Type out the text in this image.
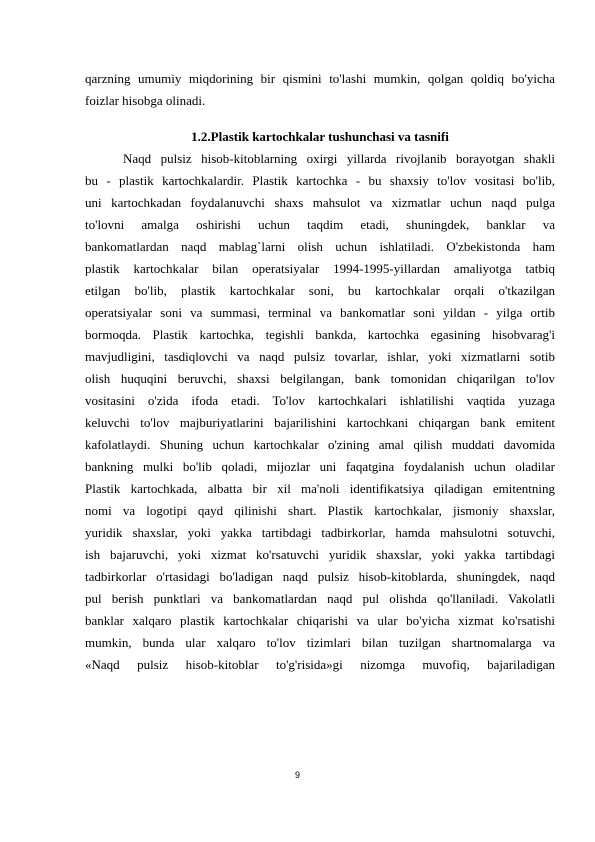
qarzning umumiy miqdorining bir qismini to'lashi mumkin, qolgan qoldiq bo'yicha
foizlar hisobga olinadi.
1.2.Plastik kartochkalar tushunchasi va tasnifi
Naqd pulsiz hisob-kitoblarning oxirgi yillarda rivojlanib borayotgan shakli
bu - plastik kartochkalardir. Plastik kartochka - bu shaxsiy to'lov vositasi bo'lib,
uni kartochkadan foydalanuvchi shaxs mahsulot va xizmatlar uchun naqd pulga
to'lovni amalga oshirishi uchun taqdim etadi, shuningdek, banklar va
bankomatlardan naqd mablag`larni olish uchun ishlatiladi. O'zbekistonda ham
plastik kartochkalar bilan operatsiyalar 1994-1995-yillardan amaliyotga tatbiq
etilgan bo'lib, plastik kartochkalar soni, bu kartochkalar orqali o'tkazilgan
operatsiyalar soni va summasi, terminal va bankomatlar soni yildan - yilga ortib
bormoqda. Plastik kartochka, tegishli bankda, kartochka egasining hisobvarag'i
mavjudligini, tasdiqlovchi va naqd pulsiz tovarlar, ishlar, yoki xizmatlarni sotib
olish huquqini beruvchi, shaxsi belgilangan, bank tomonidan chiqarilgan to'lov
vositasini o'zida ifoda etadi. To'lov kartochkalari ishlatilishi vaqtida yuzaga
keluvchi to'lov majburiyatlarini bajarilishini kartochkani chiqargan bank emitent
kafolatlaydi. Shuning uchun kartochkalar o'zining amal qilish muddati davomida
bankning mulki bo'lib qoladi, mijozlar uni faqatgina foydalanish uchun oladilar
Plastik kartochkada, albatta bir xil ma'noli identifikatsiya qiladigan emitentning
nomi va logotipi qayd qilinishi shart. Plastik kartochkalar, jismoniy shaxslar,
yuridik shaxslar, yoki yakka tartibdagi tadbirkorlar, hamda mahsulotni sotuvchi,
ish bajaruvchi, yoki xizmat ko'rsatuvchi yuridik shaxslar, yoki yakka tartibdagi
tadbirkorlar o'rtasidagi bo'ladigan naqd pulsiz hisob-kitoblarda, shuningdek, naqd
pul berish punktlari va bankomatlardan naqd pul olishda qo'llaniladi. Vakolatli
banklar xalqaro plastik kartochkalar chiqarishi va ular bo'yicha xizmat ko'rsatishi
mumkin, bunda ular xalqaro to'lov tizimlari bilan tuzilgan shartnomalarga va
«Naqd pulsiz hisob-kitoblar to'g'risida»gi nizomga muvofiq, bajariladigan
9
